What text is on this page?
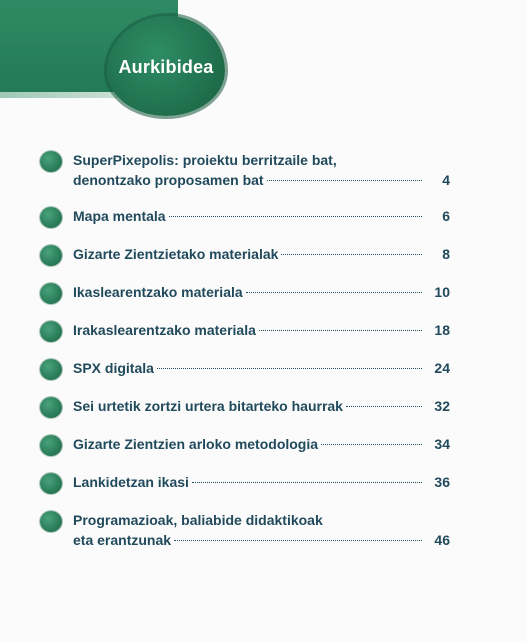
Aurkibidea
SuperPixepolis: proiektu berritzaile bat,
denontzako proposamen bat	4
Mapa mentala	6
Gizarte Zientzietako materialak	8
Ikaslearentzako materiala	10
Irakaslearentzako materiala	18
SPX digitala	24
Sei urtetik zortzi urtera bitarteko haurrak	32
Gizarte Zientzien arloko metodologia	34
Lankidetzan ikasi	36
Programazioak, baliabide didaktikoak
eta erantzunak	46
